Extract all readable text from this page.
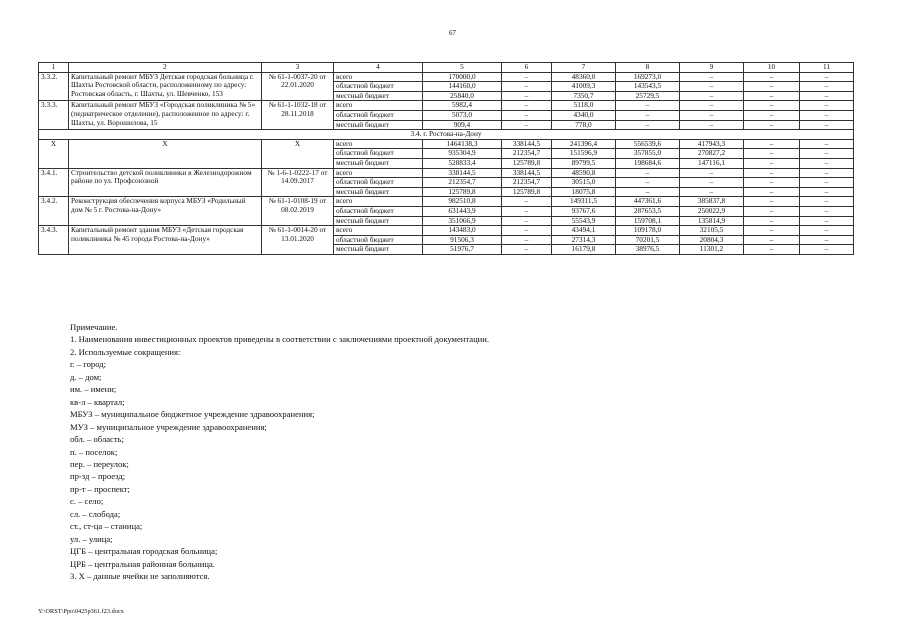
67
1	2	3	4	5	6	7	8	9	10	11
3.3.2.	Капитальный ремонт МБУЗ Детская городская больница г. Шахты Ростовской области, расположенному по адресу: Ростовская область, г. Шахты, ул. Шевченко, 153	№ 61-1-0037-20 от 22.01.2020	всего	170000,0	–	48360,0	169273,0	–	–	–
			областной бюджет	144160,0	–	41009,3	143543,5	–	–	–
			местный бюджет	25840,0	–	7350,7	25729,5	–	–	–
3.3.3.	Капитальный ремонт МБУЗ «Городская поликлиника № 5» (педиатрическое отделение), расположенное по адресу: г. Шахты, ул. Ворошилова, 15	№ 61-1-1032-18 от 28.11.2018	всего	5982,4	–	5118,0	–	–	–	–
			областной бюджет	5073,0	–	4340,0	–	–	–	–
			местный бюджет	909,4	–	778,0	–	–	–	–
3.4. г. Ростова-на-Дону										
X	X	X	всего	1464138,3	338144,5	241396,4	556539,6	417943,3	–	–
			областной бюджет	935304,9	212354,7	151596,9	357855,0	270827,2	–	–
			местный бюджет	528833,4	125789,8	89799,5	198684,6	147116,1	–	–
3.4.1.	Строительство детской поликлиники в Железнодорожном районе по ул. Профсоюзной	№ 1-6-1-0222-17 от 14.09.2017	всего	338144,5	338144,5	48590,8	–	–	–	–
			областной бюджет	212354,7	212354,7	30515,0	–	–	–	–
			местный бюджет	125789,8	125789,8	18075,8	–	–	–	–
3.4.2.	Реконструкция обеспечения корпуса МБУЗ «Родильный дом № 5 г. Ростова-на-Дону»	№ 61-1-0108-19 от 08.02.2019	всего	982510,8	–	149311,5	447361,6	385837,8	–	–
			областной бюджет	631443,9	–	93767,6	287653,5	250022,9	–	–
			местный бюджет	351066,9	–	55543,9	159708,1	135814,9	–	–
3.4.3.	Капитальный ремонт здания МБУЗ «Детская городская поликлиника № 45 города Ростова-на-Дону»	№ 61-1-0014-20 от 13.01.2020	всего	143483,0	–	43494,1	109178,0	32105,5	–	–
			областной бюджет	91506,3	–	27314,3	70201,5	20804,3	–	–
			местный бюджет	51976,7	–	16179,8	38976,5	11301,2	–	–
Примечание.
1. Наименования инвестиционных проектов приведены в соответствии с заключениями проектной документации.
2. Используемые сокращения:
г. – город;
д. – дом;
им. – имени;
кв-л – квартал;
МБУЗ – муниципальное бюджетное учреждение здравоохранения;
МУЗ – муниципальное учреждение здравоохранения;
обл. – область;
п. – поселок;
пер. – переулок;
пр-зд – проезд;
пр-т – проспект;
с. – село;
сл. – слобода;
ст., ст-ца – станица;
ул. – улица;
ЦГБ – центральная городская больница;
ЦРБ – центральная районная больница.
3. X – данные ячейки не заполняются.
Y:\ORST\Ppo\0425p361.f23.docx
